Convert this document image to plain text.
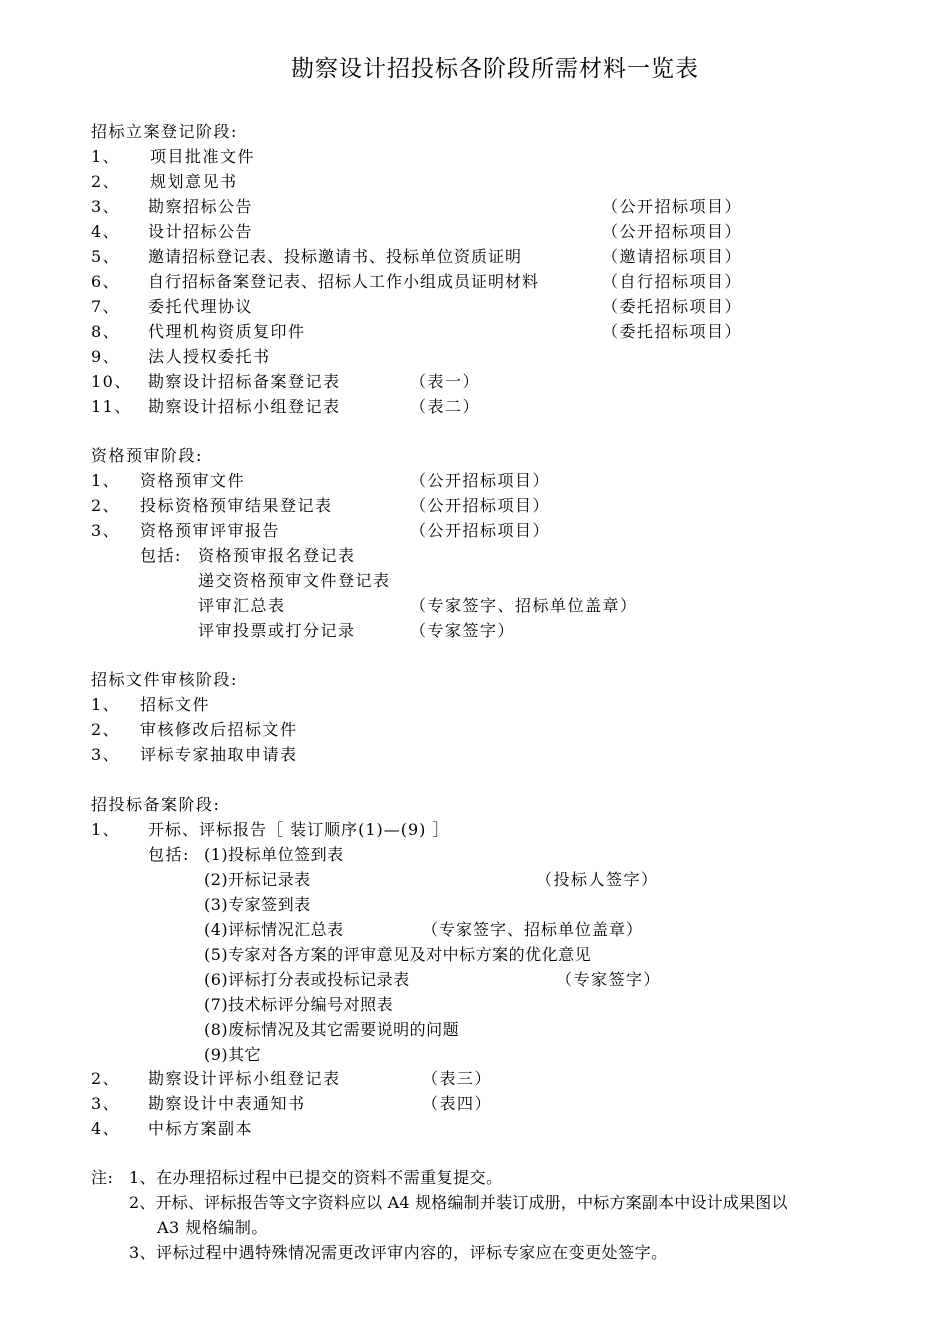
勘察设计招投标各阶段所需材料一览表
招标立案登记阶段:
1、 项目批准文件
2、 规划意见书
3、 勘察招标公告	（公开招标项目）
4、 设计招标公告	（公开招标项目）
5、 邀请招标登记表、投标邀请书、投标单位资质证明	（邀请招标项目）
6、 自行招标备案登记表、招标人工作小组成员证明材料	（自行招标项目）
7、 委托代理协议	（委托招标项目）
8、 代理机构资质复印件	（委托招标项目）
9、 法人授权委托书
10、 勘察设计招标备案登记表	（表一）
11、 勘察设计招标小组登记表	（表二）
资格预审阶段:
1、 资格预审文件	（公开招标项目）
2、 投标资格预审结果登记表	（公开招标项目）
3、 资格预审评审报告	（公开招标项目）
包括: 资格预审报名登记表
递交资格预审文件登记表
评审汇总表	（专家签字、招标单位盖章）
评审投票或打分记录	（专家签字）
招标文件审核阶段:
1、 招标文件
2、 审核修改后招标文件
3、 评标专家抽取申请表
招投标备案阶段:
1、 开标、评标报告［ 装订顺序(1)—(9) ］
包括: (1)投标单位签到表
(2)开标记录表	（投标人签字）
(3)专家签到表
(4)评标情况汇总表	（专家签字、招标单位盖章）
(5)专家对各方案的评审意见及对中标方案的优化意见
(6)评标打分表或投标记录表	（专家签字）
(7)技术标评分编号对照表
(8)废标情况及其它需要说明的问题
(9)其它
2、 勘察设计评标小组登记表	（表三）
3、 勘察设计中表通知书	（表四）
4、 中标方案副本
注: 1、在办理招标过程中已提交的资料不需重复提交。
2、开标、评标报告等文字资料应以 A4 规格编制并装订成册，中标方案副本中设计成果图以
A3 规格编制。
3、评标过程中遇特殊情况需更改评审内容的，评标专家应在变更处签字。
